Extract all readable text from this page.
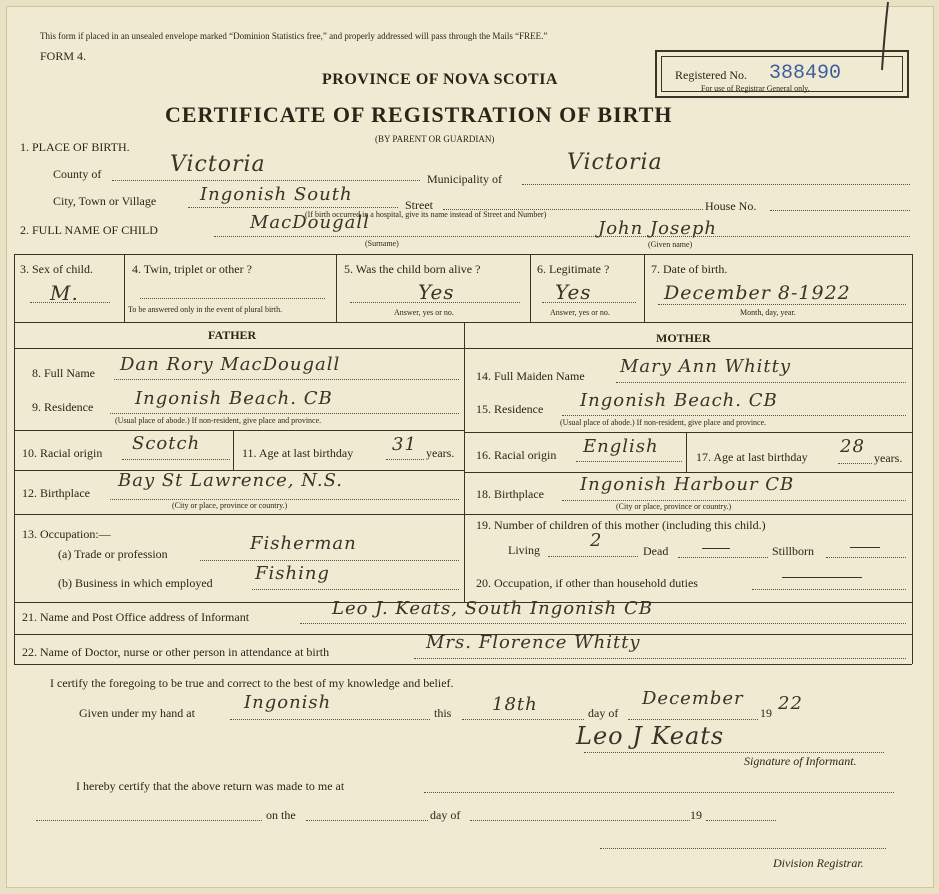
This form if placed in an unsealed envelope marked “Dominion Statistics free,” and properly addressed will pass through the Mails “FREE.”
FORM 4.
PROVINCE OF NOVA SCOTIA
CERTIFICATE OF REGISTRATION OF BIRTH
(BY PARENT OR GUARDIAN)
Registered No. 388490
For use of Registrar General only.
1. PLACE OF BIRTH.
County of	Victoria
Municipality of
Victoria
City, Town or Village Ingonish South	Street	House No.
(If birth occurred in a hospital, give its name instead of Street and Number)
2. FULL NAME OF CHILD	MacDougall
(Surname)
John Joseph
(Given name)
3. Sex of child.
M.
4. Twin, triplet or other ?
To be answered only in the event of plural birth.
5. Was the child born alive ?
Yes
Answer, yes or no.
6. Legitimate ?
Yes
Answer, yes or no.
7. Date of birth.
December 8-1922
Month, day, year.
FATHER	MOTHER
8. Full Name Dan Rory MacDougall
9. Residence Ingonish Beach. CB
(Usual place of abode.) If non-resident, give place and province.
10. Racial origin Scotch	11. Age at last birthday 31 years.
12. Birthplace
Bay St Lawrence, N.S.
(City or place, province or country.)
13. Occupation:—
(a) Trade or profession	Fisherman
(b) Business in which employed Fishing
14. Full Maiden Name Mary Ann Whitty
15. Residence Ingonish Beach. CB
(Usual place of abode.) If non-resident, give place and province.
16. Racial origin English	17. Age at last birthday 28
years.
18. Birthplace Ingonish Harbour CB
(City or place, province or country.)
19. Number of children of this mother (including this child.)
Living	2	Dead	Stillborn
20. Occupation, if other than household duties
21. Name and Post Office address of Informant	Leo J. Keats, South Ingonish CB
22. Name of Doctor, nurse or other person in attendance at birth	Mrs. Florence Whitty
I certify the foregoing to be true and correct to the best of my knowledge and belief.
Given under my hand at	Ingonish	this 18th	day of
December
19 22
Leo J Keats
Signature of Informant.
I hereby certify that the above return was made to me at
on the	day of	19
Division Registrar.
